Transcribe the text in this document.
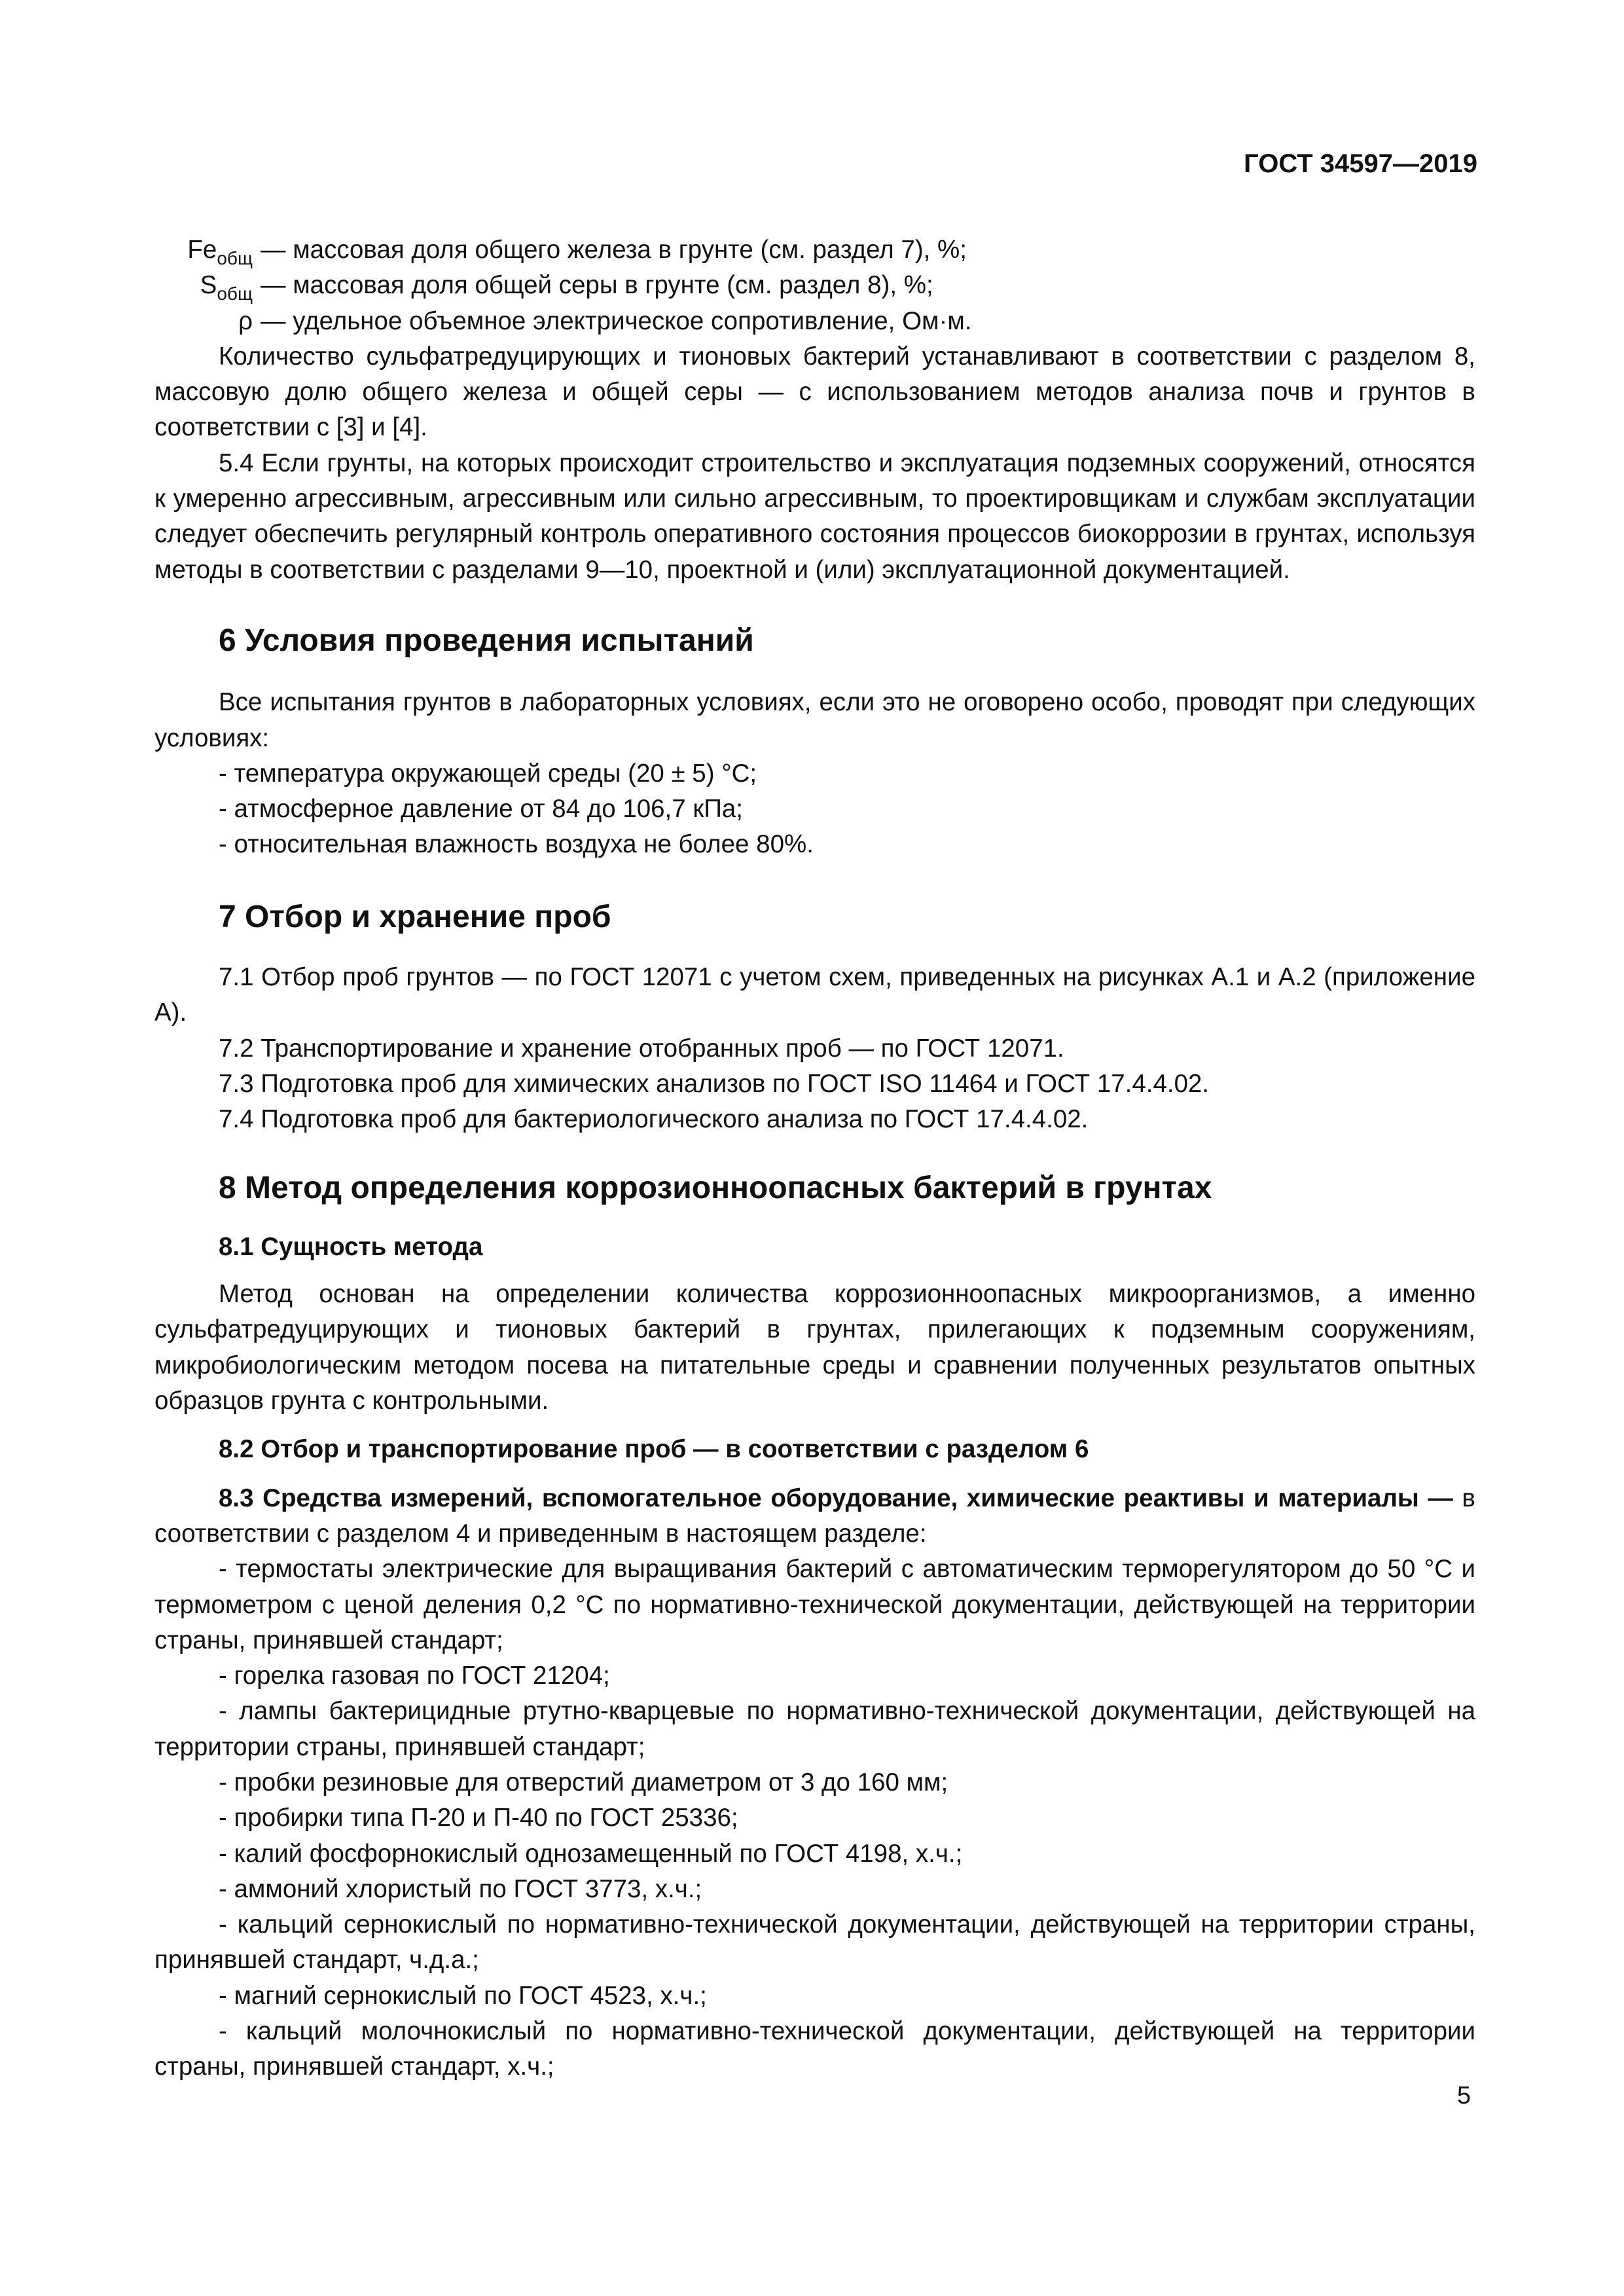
ГОСТ 34597—2019
$Fe_{общ}$ — массовая доля общего железа в грунте (см. раздел 7), %;
$S_{общ}$ — массовая доля общей серы в грунте (см. раздел 8), %;
ρ — удельное объемное электрическое сопротивление, Ом·м.

Количество сульфатредуцирующих и тионовых бактерий устанавливают в соответствии с разделом 8, массовую долю общего железа и общей серы — с использованием методов анализа почв и грунтов в соответствии с [3] и [4].

5.4 Если грунты, на которых происходит строительство и эксплуатация подземных сооружений, относятся к умеренно агрессивным, агрессивным или сильно агрессивным, то проектировщикам и службам эксплуатации следует обеспечить регулярный контроль оперативного состояния процессов биокоррозии в грунтах, используя методы в соответствии с разделами 9—10, проектной и (или) эксплуатационной документацией.

6 Условия проведения испытаний

Все испытания грунтов в лабораторных условиях, если это не оговорено особо, проводят при следующих условиях:

- температура окружающей среды (20 ± 5) °С;

- атмосферное давление от 84 до 106,7 кПа;

- относительная влажность воздуха не более 80%.

7 Отбор и хранение проб

7.1 Отбор проб грунтов — по ГОСТ 12071 с учетом схем, приведенных на рисунках А.1 и А.2 (приложение А).

7.2 Транспортирование и хранение отобранных проб — по ГОСТ 12071.

7.3 Подготовка проб для химических анализов по ГОСТ ISO 11464 и ГОСТ 17.4.4.02.

7.4 Подготовка проб для бактериологического анализа по ГОСТ 17.4.4.02.

8 Метод определения коррозионноопасных бактерий в грунтах

8.1 Сущность метода

Метод основан на определении количества коррозионноопасных микроорганизмов, а именно сульфатредуцирующих и тионовых бактерий в грунтах, прилегающих к подземным сооружениям, микробиологическим методом посева на питательные среды и сравнении полученных результатов опытных образцов грунта с контрольными.

8.2 Отбор и транспортирование проб — в соответствии с разделом 6

8.3 Средства измерений, вспомогательное оборудование, химические реактивы и материалы — в соответствии с разделом 4 и приведенным в настоящем разделе:

- термостаты электрические для выращивания бактерий с автоматическим терморегулятором до 50 °С и термометром с ценой деления 0,2 °С по нормативно-технической документации, действующей на территории страны, принявшей стандарт;

- горелка газовая по ГОСТ 21204;

- лампы бактерицидные ртутно-кварцевые по нормативно-технической документации, действующей на территории страны, принявшей стандарт;

- пробки резиновые для отверстий диаметром от 3 до 160 мм;

- пробирки типа П-20 и П-40 по ГОСТ 25336;

- калий фосфорнокислый однозамещенный по ГОСТ 4198, х.ч.;

- аммоний хлористый по ГОСТ 3773, х.ч.;

- кальций сернокислый по нормативно-технической документации, действующей на территории страны, принявшей стандарт, ч.д.а.;

- магний сернокислый по ГОСТ 4523, х.ч.;

- кальций молочнокислый по нормативно-технической документации, действующей на территории страны, принявшей стандарт, х.ч.;

5
